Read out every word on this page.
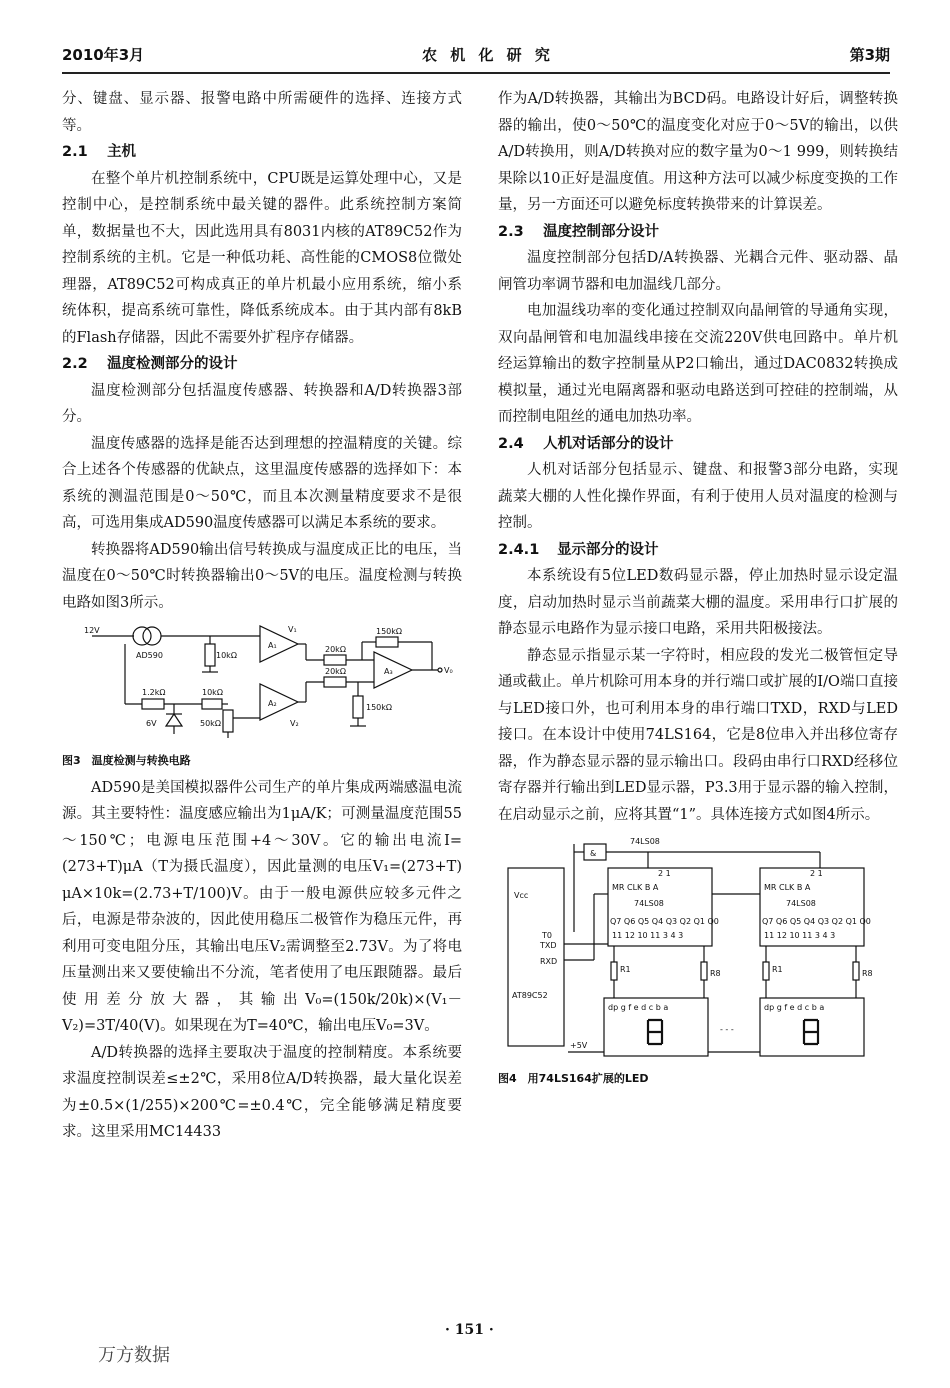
2010年3月	农 机 化 研 究	第3期

分、键盘、显示器、报警电路中所需硬件的选择、连接方式等。

2.1 主机

在整个单片机控制系统中，CPU既是运算处理中心，又是控制中心，是控制系统中最关键的器件。此系统控制方案简单，数据量也不大，因此选用具有8031内核的AT89C52作为控制系统的主机。它是一种低功耗、高性能的CMOS8位微处理器，AT89C52可构成真正的单片机最小应用系统，缩小系统体积，提高系统可靠性，降低系统成本。由于其内部有8kB的Flash存储器，因此不需要外扩程序存储器。

2.2 温度检测部分的设计

温度检测部分包括温度传感器、转换器和A/D转换器3部分。

温度传感器的选择是能否达到理想的控温精度的关键。综合上述各个传感器的优缺点，这里温度传感器的选择如下：本系统的测温范围是0～50℃，而且本次测量精度要求不是很高，可选用集成AD590温度传感器可以满足本系统的要求。

转换器将AD590输出信号转换成与温度成正比的电压，当温度在0～50℃时转换器输出0～5V的电压。温度检测与转换电路如图3所示。

12V
AD590	10kΩ
A₁
V₁
20kΩ
150kΩ
A₃	V₀
1.2kΩ	10kΩ
6V	50kΩ
A₂
V₂
20kΩ
150kΩ

图3　温度检测与转换电路

AD590是美国模拟器件公司生产的单片集成两端感温电流源。其主要特性：温度感应输出为1μA/K；可测量温度范围55～150℃；电源电压范围+4～30V。它的输出电流I=(273+T)μA（T为摄氏温度），因此量测的电压V₁=(273+T) μA×10k=(2.73+T/100)V。由于一般电源供应较多元件之后，电源是带杂波的，因此使用稳压二极管作为稳压元件，再利用可变电阻分压，其输出电压V₂需调整至2.73V。为了将电压量测出来又要使输出不分流，笔者使用了电压跟随器。最后使用差分放大器，其输出V₀=(150k/20k)×(V₁－V₂)=3T/40(V)。如果现在为T=40℃，输出电压V₀=3V。

A/D转换器的选择主要取决于温度的控制精度。本系统要求温度控制误差≤±2℃，采用8位A/D转换器，最大量化误差为±0.5×(1/255)×200℃=±0.4℃，完全能够满足精度要求。这里采用MC14433

作为A/D转换器，其输出为BCD码。电路设计好后，调整转换器的输出，使0～50℃的温度变化对应于0～5V的输出，以供A/D转换用，则A/D转换对应的数字量为0～1 999，则转换结果除以10正好是温度值。用这种方法可以减少标度变换的工作量，另一方面还可以避免标度转换带来的计算误差。

2.3 温度控制部分设计

温度控制部分包括D/A转换器、光耦合元件、驱动器、晶闸管功率调节器和电加温线几部分。

电加温线功率的变化通过控制双向晶闸管的导通角实现，双向晶闸管和电加温线串接在交流220V供电回路中。单片机经运算输出的数字控制量从P2口输出，通过DAC0832转换成模拟量，通过光电隔离器和驱动电路送到可控硅的控制端，从而控制电阻丝的通电加热功率。

2.4 人机对话部分的设计

人机对话部分包括显示、键盘、和报警3部分电路，实现蔬菜大棚的人性化操作界面，有利于使用人员对温度的检测与控制。

2.4.1 显示部分的设计

本系统设有5位LED数码显示器，停止加热时显示设定温度，启动加热时显示当前蔬菜大棚的温度。采用串行口扩展的静态显示电路作为显示接口电路，采用共阳极接法。

静态显示指显示某一字符时，相应段的发光二极管恒定导通或截止。单片机除可用本身的并行端口或扩展的I/O端口直接与LED接口外，也可利用本身的串行端口TXD，RXD与LED接口。在本设计中使用74LS164，它是8位串入并出移位寄存器，作为静态显示器的显示输出口。段码由串行口RXD经移位寄存器并行输出到LED显示器，P3.3用于显示器的输入控制，在启动显示之前，应将其置“1”。具体连接方式如图4所示。

&
74LS08
Vcc
T0
TXD
RXD
AT89C52
+5V
2 1	2 1
MR CLK B A
74LS08
Q7 Q6 Q5 Q4 Q3 Q2 Q1 Q0
11 12 10 11 3 4 3
MR CLK B A
74LS08
Q7 Q6 Q5 Q4 Q3 Q2 Q1 Q0
11 12 10 11 3 4 3
R1	R8	R1	R8
dp g f e d c b a	dp g f e d c b a
- - -

图4　用74LS164扩展的LED

· 151 ·
万方数据
